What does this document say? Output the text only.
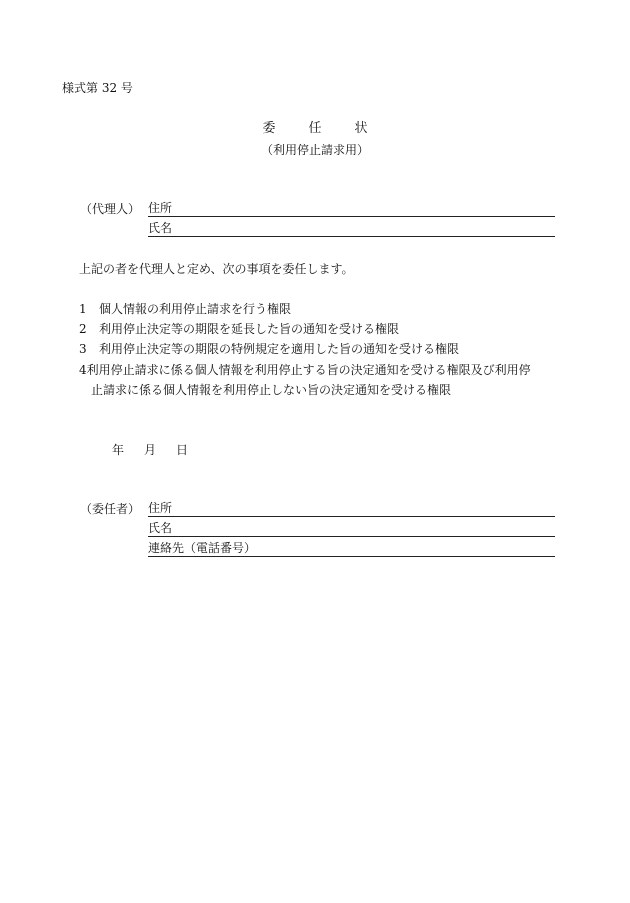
様式第 32 号
委　任　状
（利用停止請求用）
（代理人） 住所
氏名
上記の者を代理人と定め、次の事項を委任します。
1 個人情報の利用停止請求を行う権限
2 利用停止決定等の期限を延長した旨の通知を受ける権限
3 利用停止決定等の期限の特例規定を適用した旨の通知を受ける権限
4利用停止請求に係る個人情報を利用停止する旨の決定通知を受ける権限及び利用停
止請求に係る個人情報を利用停止しない旨の決定通知を受ける権限
年 月 日
（委任者） 住所
氏名
連絡先（電話番号）
